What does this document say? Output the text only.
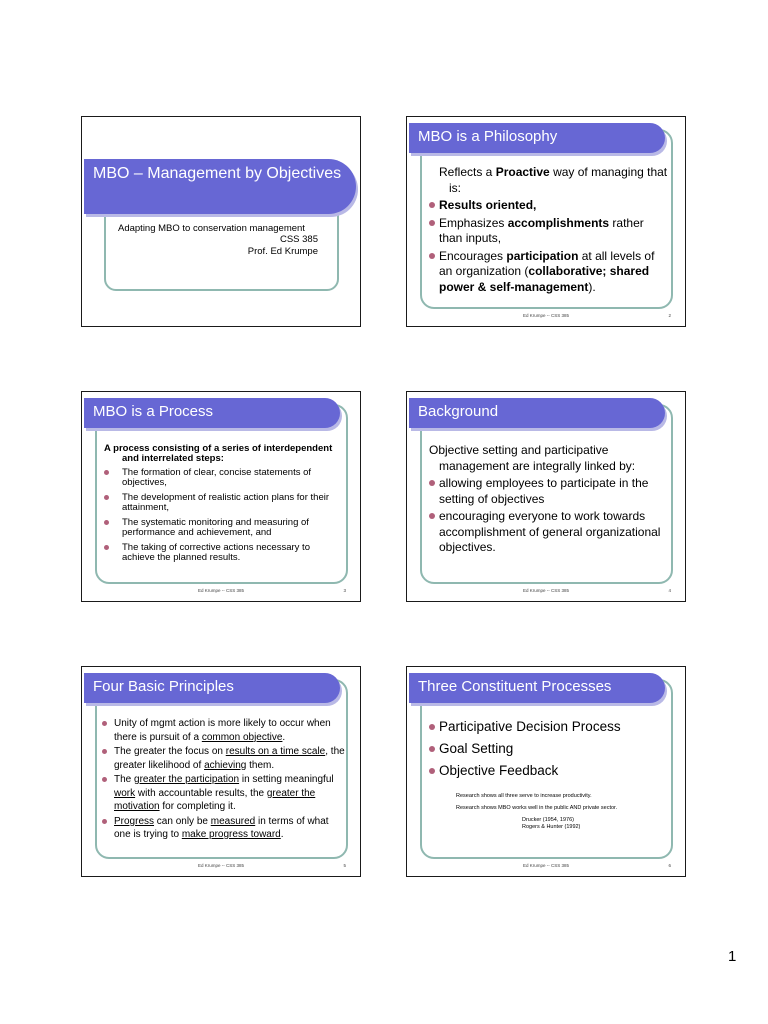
MBO – Management by Objectives
Adapting MBO to conservation management
CSS 385
Prof. Ed Krumpe
MBO is a Philosophy
Reflects a Proactive way of managing that is:
Results oriented,
Emphasizes accomplishments rather than inputs,
Encourages participation at all levels of an organization (collaborative; shared power & self-management).
Ed Krumpe -- CSS 385	2
MBO is a Process
A process consisting of a series of interdependent and interrelated steps:
The formation of clear, concise statements of objectives,
The development of realistic action plans for their attainment,
The systematic monitoring and measuring of performance and achievement, and
The taking of corrective actions necessary to achieve the planned results.
Ed Krumpe -- CSS 385	3
Background
Objective setting and participative management are integrally linked by:
allowing employees to participate in the setting of objectives
encouraging everyone to work towards accomplishment of general organizational objectives.
Ed Krumpe -- CSS 385	4
Four Basic Principles
Unity of mgmt action is more likely to occur when there is pursuit of a common objective.
The greater the focus on results on a time scale, the greater likelihood of achieving them.
The greater the participation in setting meaningful work with accountable results, the greater the motivation for completing it.
Progress can only be measured in terms of what one is trying to make progress toward.
Ed Krumpe -- CSS 385	5
Three Constituent Processes
Participative Decision Process
Goal Setting
Objective Feedback
Research shows all three serve to increase productivity.
Research shows MBO works well in the public AND private sector.
Drucker (1954, 1976)
Rogers & Hunter (1992)
Ed Krumpe -- CSS 385	6
1
